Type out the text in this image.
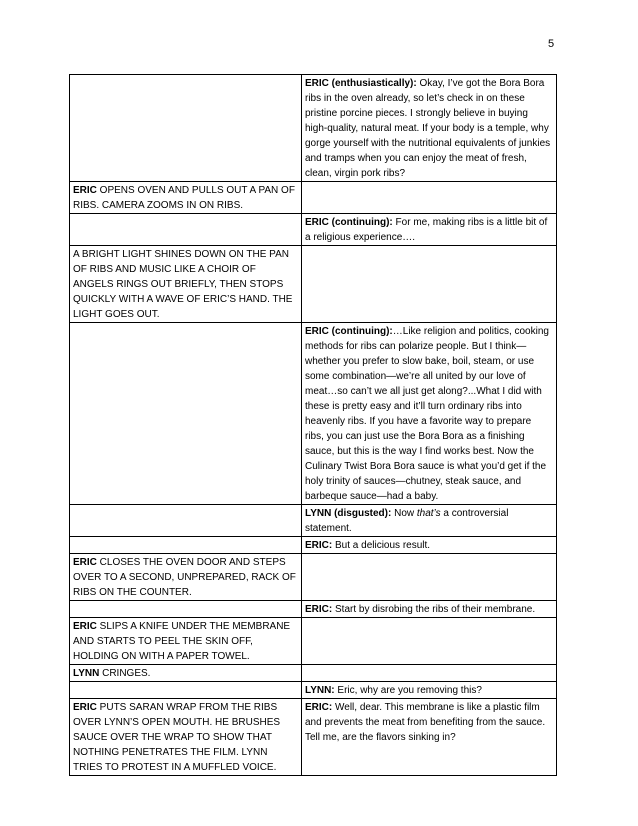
5
	ERIC (enthusiastically): Okay, I’ve got the Bora Bora ribs in the oven already, so let’s check in on these pristine porcine pieces. I strongly believe in buying high-quality, natural meat. If your body is a temple, why gorge yourself with the nutritional equivalents of junkies and tramps when you can enjoy the meat of fresh, clean, virgin pork ribs?
ERIC OPENS OVEN AND PULLS OUT A PAN OF RIBS. CAMERA ZOOMS IN ON RIBS.	
	ERIC (continuing): For me, making ribs is a little bit of a religious experience….
A BRIGHT LIGHT SHINES DOWN ON THE PAN OF RIBS AND MUSIC LIKE A CHOIR OF ANGELS RINGS OUT BRIEFLY, THEN STOPS QUICKLY WITH A WAVE OF ERIC’S HAND. THE LIGHT GOES OUT.	
	ERIC (continuing):…Like religion and politics, cooking methods for ribs can polarize people. But I think—whether you prefer to slow bake, boil, steam, or use some combination—we’re all united by our love of meat…so can’t we all just get along?...What I did with these is pretty easy and it’ll turn ordinary ribs into heavenly ribs. If you have a favorite way to prepare ribs, you can just use the Bora Bora as a finishing sauce, but this is the way I find works best. Now the Culinary Twist Bora Bora sauce is what you’d get if the holy trinity of sauces—chutney, steak sauce, and barbeque sauce—had a baby.
	LYNN (disgusted): Now that’s a controversial statement.
	ERIC: But a delicious result.
ERIC CLOSES THE OVEN DOOR AND STEPS OVER TO A SECOND, UNPREPARED, RACK OF RIBS ON THE COUNTER.	
	ERIC: Start by disrobing the ribs of their membrane.
ERIC SLIPS A KNIFE UNDER THE MEMBRANE AND STARTS TO PEEL THE SKIN OFF, HOLDING ON WITH A PAPER TOWEL.	
LYNN CRINGES.	
	LYNN: Eric, why are you removing this?
ERIC PUTS SARAN WRAP FROM THE RIBS OVER LYNN’S OPEN MOUTH. HE BRUSHES SAUCE OVER THE WRAP TO SHOW THAT NOTHING PENETRATES THE FILM. LYNN TRIES TO PROTEST IN A MUFFLED VOICE.	ERIC: Well, dear. This membrane is like a plastic film and prevents the meat from benefiting from the sauce. Tell me, are the flavors sinking in?
